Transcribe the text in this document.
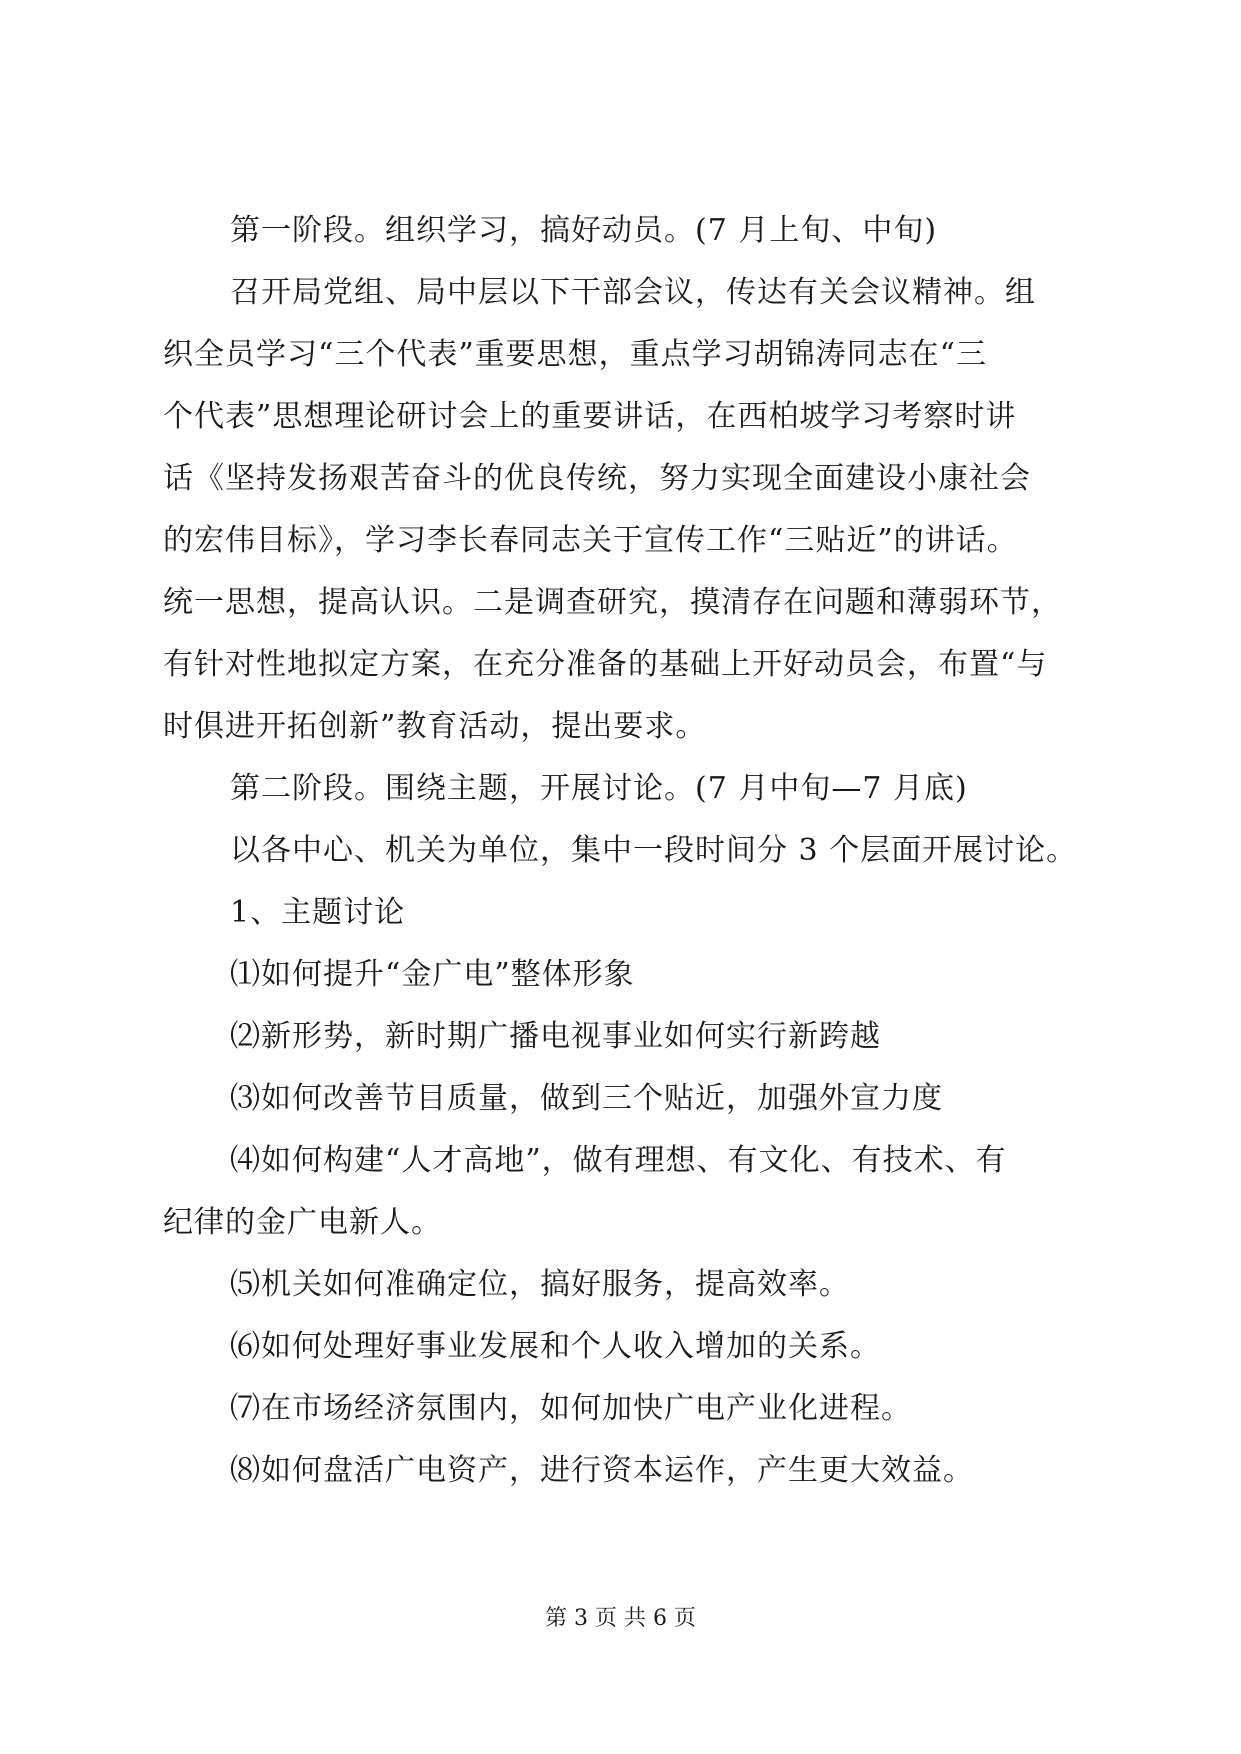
第一阶段。组织学习，搞好动员。(7 月上旬、中旬)
召开局党组、局中层以下干部会议，传达有关会议精神。组
织全员学习“三个代表”重要思想，重点学习胡锦涛同志在“三
个代表”思想理论研讨会上的重要讲话，在西柏坡学习考察时讲
话《坚持发扬艰苦奋斗的优良传统，努力实现全面建设小康社会
的宏伟目标》，学习李长春同志关于宣传工作“三贴近”的讲话。
统一思想，提高认识。二是调查研究，摸清存在问题和薄弱环节，
有针对性地拟定方案，在充分准备的基础上开好动员会，布置“与
时俱进开拓创新”教育活动，提出要求。
第二阶段。围绕主题，开展讨论。(7 月中旬—7 月底)
以各中心、机关为单位，集中一段时间分 3 个层面开展讨论。
1、主题讨论
⑴如何提升“金广电”整体形象
⑵新形势，新时期广播电视事业如何实行新跨越
⑶如何改善节目质量，做到三个贴近，加强外宣力度
⑷如何构建“人才高地”，做有理想、有文化、有技术、有
纪律的金广电新人。
⑸机关如何准确定位，搞好服务，提高效率。
⑹如何处理好事业发展和个人收入增加的关系。
⑺在市场经济氛围内，如何加快广电产业化进程。
⑻如何盘活广电资产，进行资本运作，产生更大效益。
第 3 页 共 6 页
